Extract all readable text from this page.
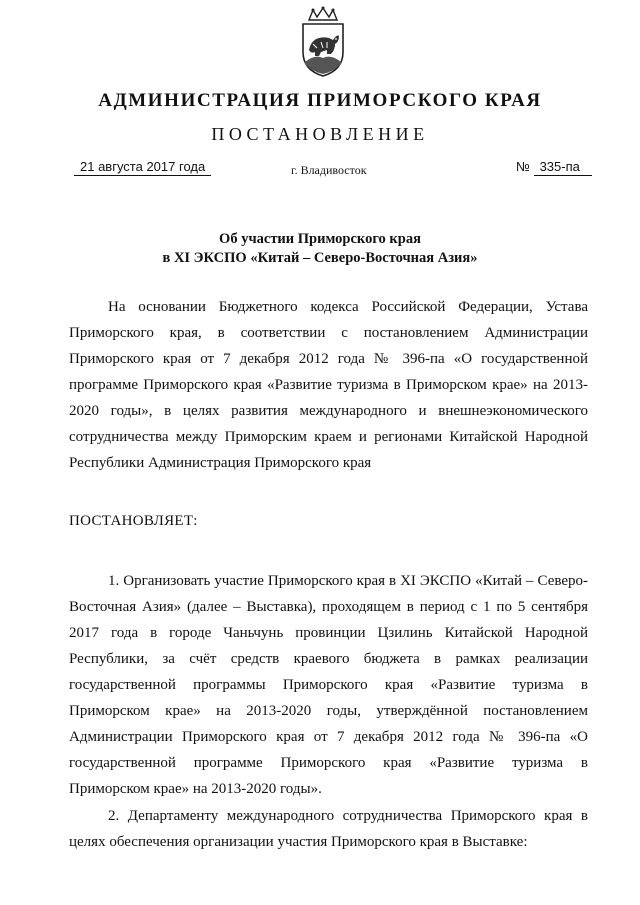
АДМИНИСТРАЦИЯ ПРИМОРСКОГО КРАЯ
ПОСТАНОВЛЕНИЕ
21 августа 2017 года	г. Владивосток	№ 335-па
Об участии Приморского края
в XI ЭКСПО «Китай – Северо-Восточная Азия»
На основании Бюджетного кодекса Российской Федерации, Устава Приморского края, в соответствии с постановлением Администрации Приморского края от 7 декабря 2012 года № 396-па «О государственной программе Приморского края «Развитие туризма в Приморском крае» на 2013-2020 годы», в целях развития международного и внешнеэкономического сотрудничества между Приморским краем и регионами Китайской Народной Республики Администрация Приморского края
ПОСТАНОВЛЯЕТ:
1. Организовать участие Приморского края в XI ЭКСПО «Китай – Северо-Восточная Азия» (далее – Выставка), проходящем в период с 1 по 5 сентября 2017 года в городе Чаньчунь провинции Цзилинь Китайской Народной Республики, за счёт средств краевого бюджета в рамках реализации государственной программы Приморского края «Развитие туризма в Приморском крае» на 2013-2020 годы, утверждённой постановлением Администрации Приморского края от 7 декабря 2012 года № 396-па «О государственной программе Приморского края «Развитие туризма в Приморском крае» на 2013-2020 годы».
2. Департаменту международного сотрудничества Приморского края в целях обеспечения организации участия Приморского края в Выставке:
